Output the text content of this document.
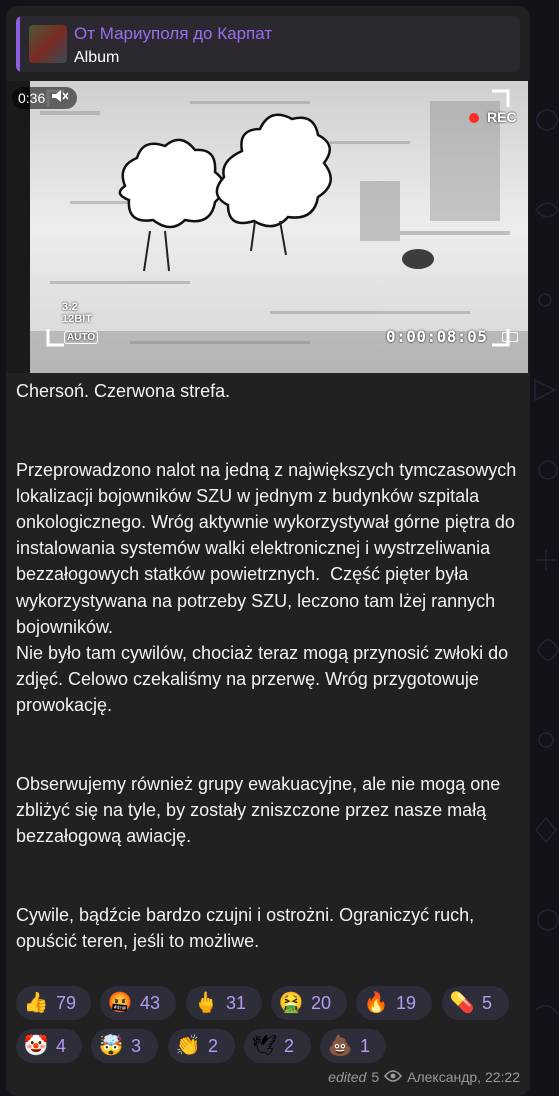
От Мариуполя до Карпат
Album
REC
3:2
12BIT
AUTO	0:00:08:05
0:36
Chersoń. Czerwona strefa.

Przeprowadzono nalot na jedną z największych tymczasowych lokalizacji bojowników SZU w jednym z budynków szpitala onkologicznego. Wróg aktywnie wykorzystywał górne piętra do instalowania systemów walki elektronicznej i wystrzeliwania bezzałogowych statków powietrznych.  Część pięter była wykorzystywana na potrzeby SZU, leczono tam lżej rannych bojowników.
Nie było tam cywilów, chociaż teraz mogą przynosić zwłoki do zdjęć. Celowo czekaliśmy na przerwę. Wróg przygotowuje prowokację.

Obserwujemy również grupy ewakuacyjne, ale nie mogą one zbliżyć się na tyle, by zostały zniszczone przez nasze małą bezzałogową awiację.

Cywile, bądźcie bardzo czujni i ostrożni. Ograniczyć ruch, opuścić teren, jeśli to możliwe.
👍 79 🤬 43 🖕 31 🤮 20 🔥 19 💊 5
🤡 4 🤯 3 👏 2 🕊 2 💩 1
edited 5 Александр, 22:22
